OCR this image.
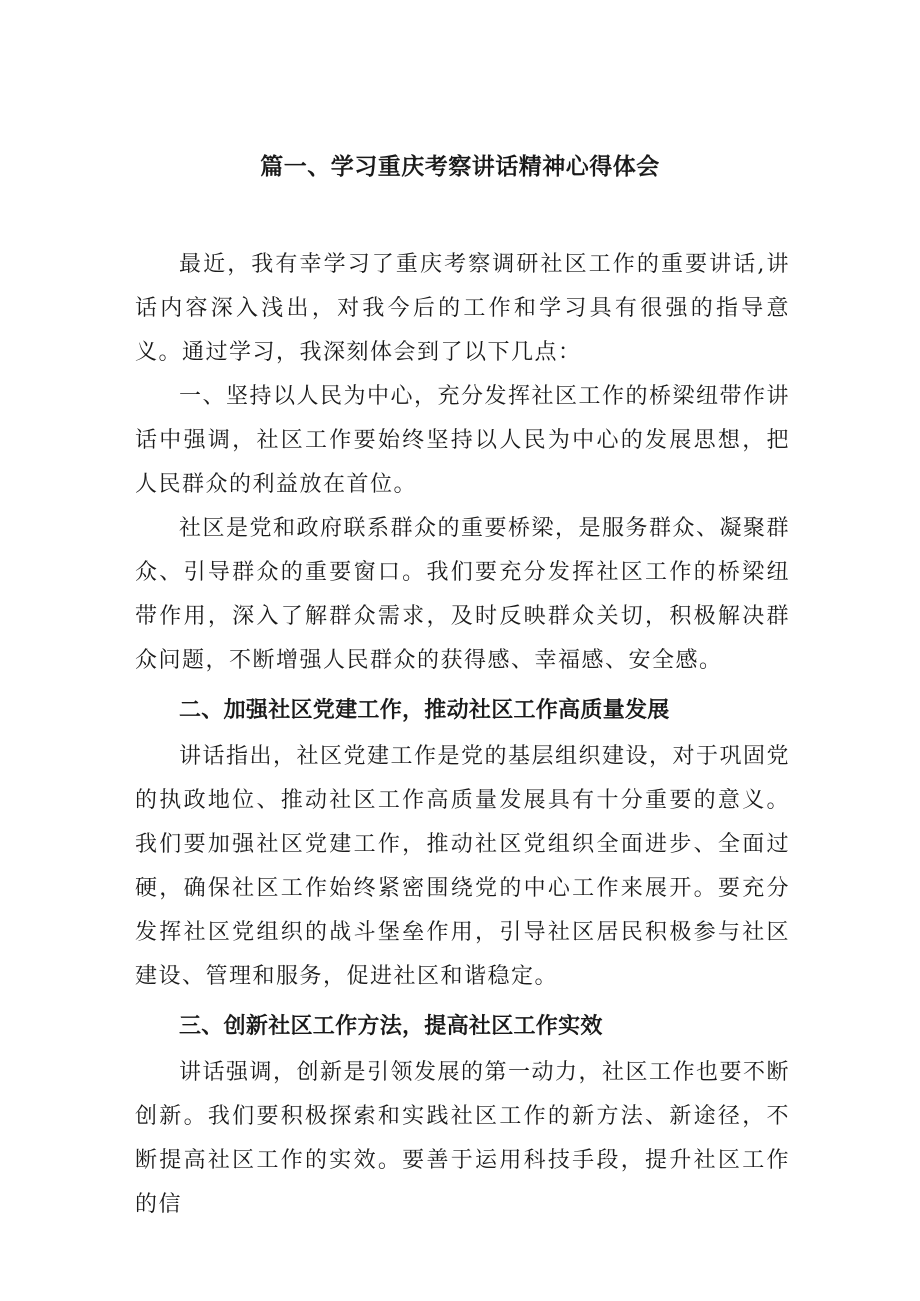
篇一、学习重庆考察讲话精神心得体会

最近，我有幸学习了重庆考察调研社区工作的重要讲话,讲话内容深入浅出，对我今后的工作和学习具有很强的指导意义。通过学习，我深刻体会到了以下几点：

一、坚持以人民为中心，充分发挥社区工作的桥梁纽带作讲话中强调，社区工作要始终坚持以人民为中心的发展思想，把人民群众的利益放在首位。

社区是党和政府联系群众的重要桥梁，是服务群众、凝聚群众、引导群众的重要窗口。我们要充分发挥社区工作的桥梁纽带作用，深入了解群众需求，及时反映群众关切，积极解决群众问题，不断增强人民群众的获得感、幸福感、安全感。

二、加强社区党建工作，推动社区工作高质量发展

讲话指出，社区党建工作是党的基层组织建设，对于巩固党的执政地位、推动社区工作高质量发展具有十分重要的意义。我们要加强社区党建工作，推动社区党组织全面进步、全面过硬，确保社区工作始终紧密围绕党的中心工作来展开。要充分发挥社区党组织的战斗堡垒作用，引导社区居民积极参与社区建设、管理和服务，促进社区和谐稳定。

三、创新社区工作方法，提高社区工作实效

讲话强调，创新是引领发展的第一动力，社区工作也要不断创新。我们要积极探索和实践社区工作的新方法、新途径，不断提高社区工作的实效。要善于运用科技手段，提升社区工作的信
